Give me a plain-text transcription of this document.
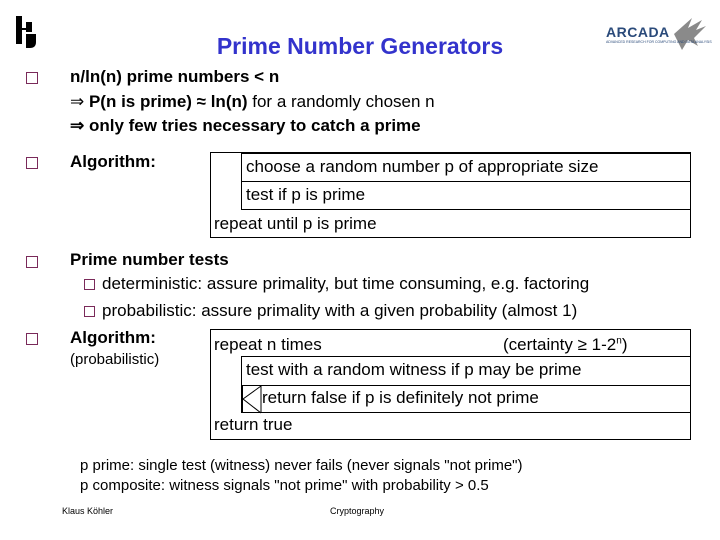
ARCADA
ADVANCED RESEARCH FOR COMPUTING AND DATA ANALYSIS
Prime Number Generators
n/ln(n) prime numbers < n
⇒ P(n is prime) ≈ ln(n) for a randomly chosen n
⇒ only few tries necessary to catch a prime
Algorithm:	choose a random number p of appropriate size
test if p is prime
repeat until p is prime
Prime number tests
deterministic: assure primality, but time consuming, e.g. factoring
probabilistic: assure primality with a given probability (almost 1)
Algorithm:
(probabilistic)
repeat n times	(certainty ≥ $1-2^n$)
test with a random witness if p may be prime
return false if p is definitely not prime
return true
p prime: single test (witness) never fails (never signals "not prime")
p composite: witness signals "not prime" with probability > 0.5
Klaus Köhler	Cryptography
